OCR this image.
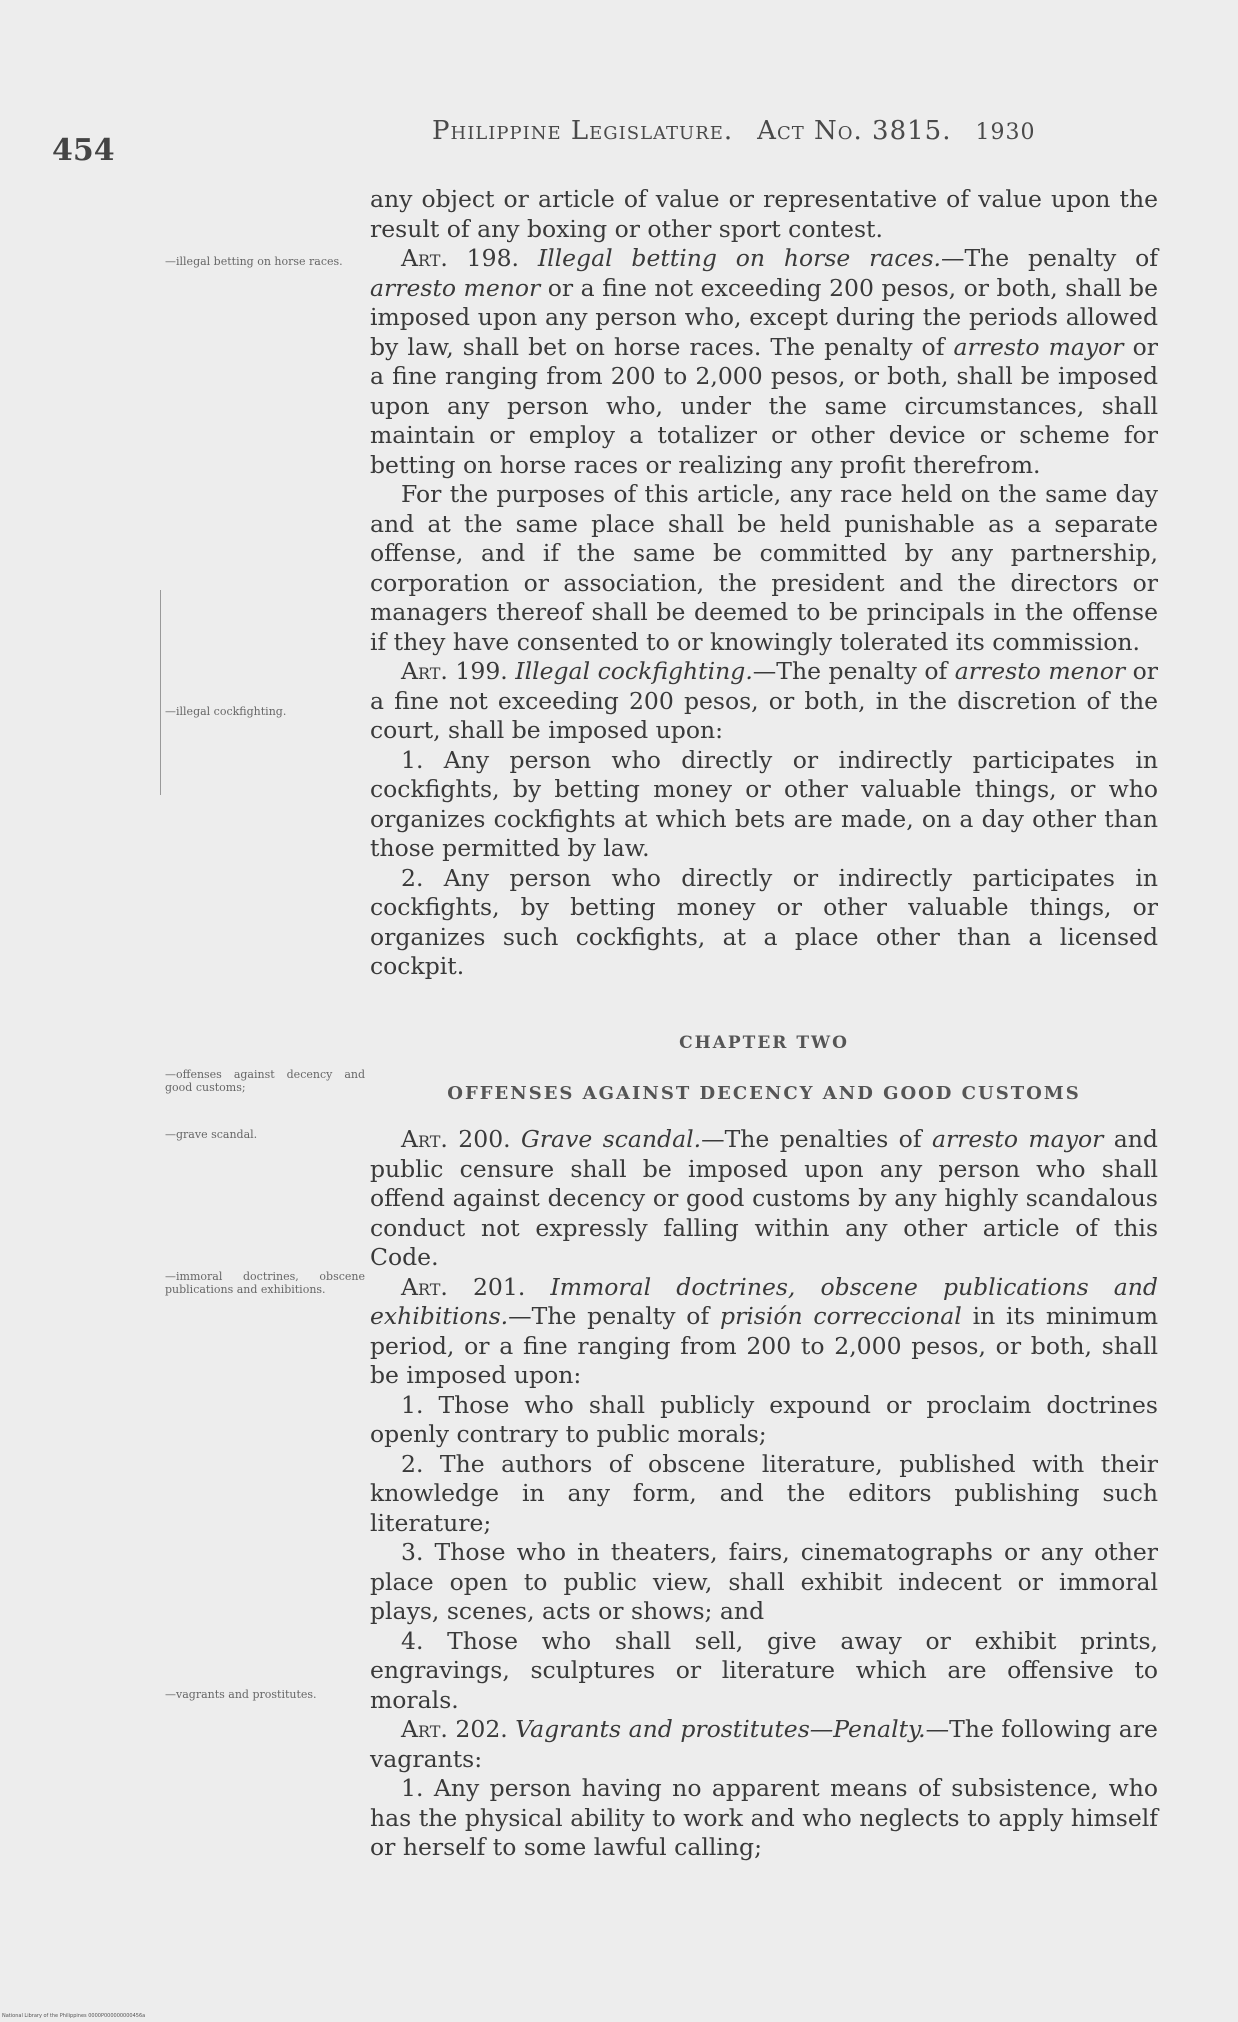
454
Philippine Legislature. Act No. 3815. 1930
—illegal betting on horse races.
—illegal cockfighting.
—offenses against decency and good customs;
—grave scandal.
—immoral doctrines, obscene publications and exhibitions.
—vagrants and prostitutes.

any object or article of value or representative of value upon the result of any boxing or other sport contest.

Art. 198. Illegal betting on horse races.—The penalty of arresto menor or a fine not exceeding 200 pesos, or both, shall be imposed upon any person who, except during the periods allowed by law, shall bet on horse races. The penalty of arresto mayor or a fine ranging from 200 to 2,000 pesos, or both, shall be imposed upon any person who, under the same circumstances, shall maintain or employ a totalizer or other device or scheme for betting on horse races or realizing any profit therefrom.

For the purposes of this article, any race held on the same day and at the same place shall be held punishable as a separate offense, and if the same be committed by any partnership, corporation or association, the president and the directors or managers thereof shall be deemed to be principals in the offense if they have consented to or knowingly tolerated its commission.

Art. 199. Illegal cockfighting.—The penalty of arresto menor or a fine not exceeding 200 pesos, or both, in the discretion of the court, shall be imposed upon:

1. Any person who directly or indirectly participates in cockfights, by betting money or other valuable things, or who organizes cockfights at which bets are made, on a day other than those permitted by law.

2. Any person who directly or indirectly participates in cockfights, by betting money or other valuable things, or organizes such cockfights, at a place other than a licensed cockpit.

CHAPTER TWO
OFFENSES AGAINST DECENCY AND GOOD CUSTOMS

Art. 200. Grave scandal.—The penalties of arresto mayor and public censure shall be imposed upon any person who shall offend against decency or good customs by any highly scandalous conduct not expressly falling within any other article of this Code.

Art. 201. Immoral doctrines, obscene publications and exhibitions.—The penalty of prisión correccional in its minimum period, or a fine ranging from 200 to 2,000 pesos, or both, shall be imposed upon:

1. Those who shall publicly expound or proclaim doctrines openly contrary to public morals;

2. The authors of obscene literature, published with their knowledge in any form, and the editors publishing such literature;

3. Those who in theaters, fairs, cinematographs or any other place open to public view, shall exhibit indecent or immoral plays, scenes, acts or shows; and

4. Those who shall sell, give away or exhibit prints, engravings, sculptures or literature which are offensive to morals.

Art. 202. Vagrants and prostitutes—Penalty.—The following are vagrants:

1. Any person having no apparent means of subsistence, who has the physical ability to work and who neglects to apply himself or herself to some lawful calling;

National Library of the Philippines 0000P000000000456a
